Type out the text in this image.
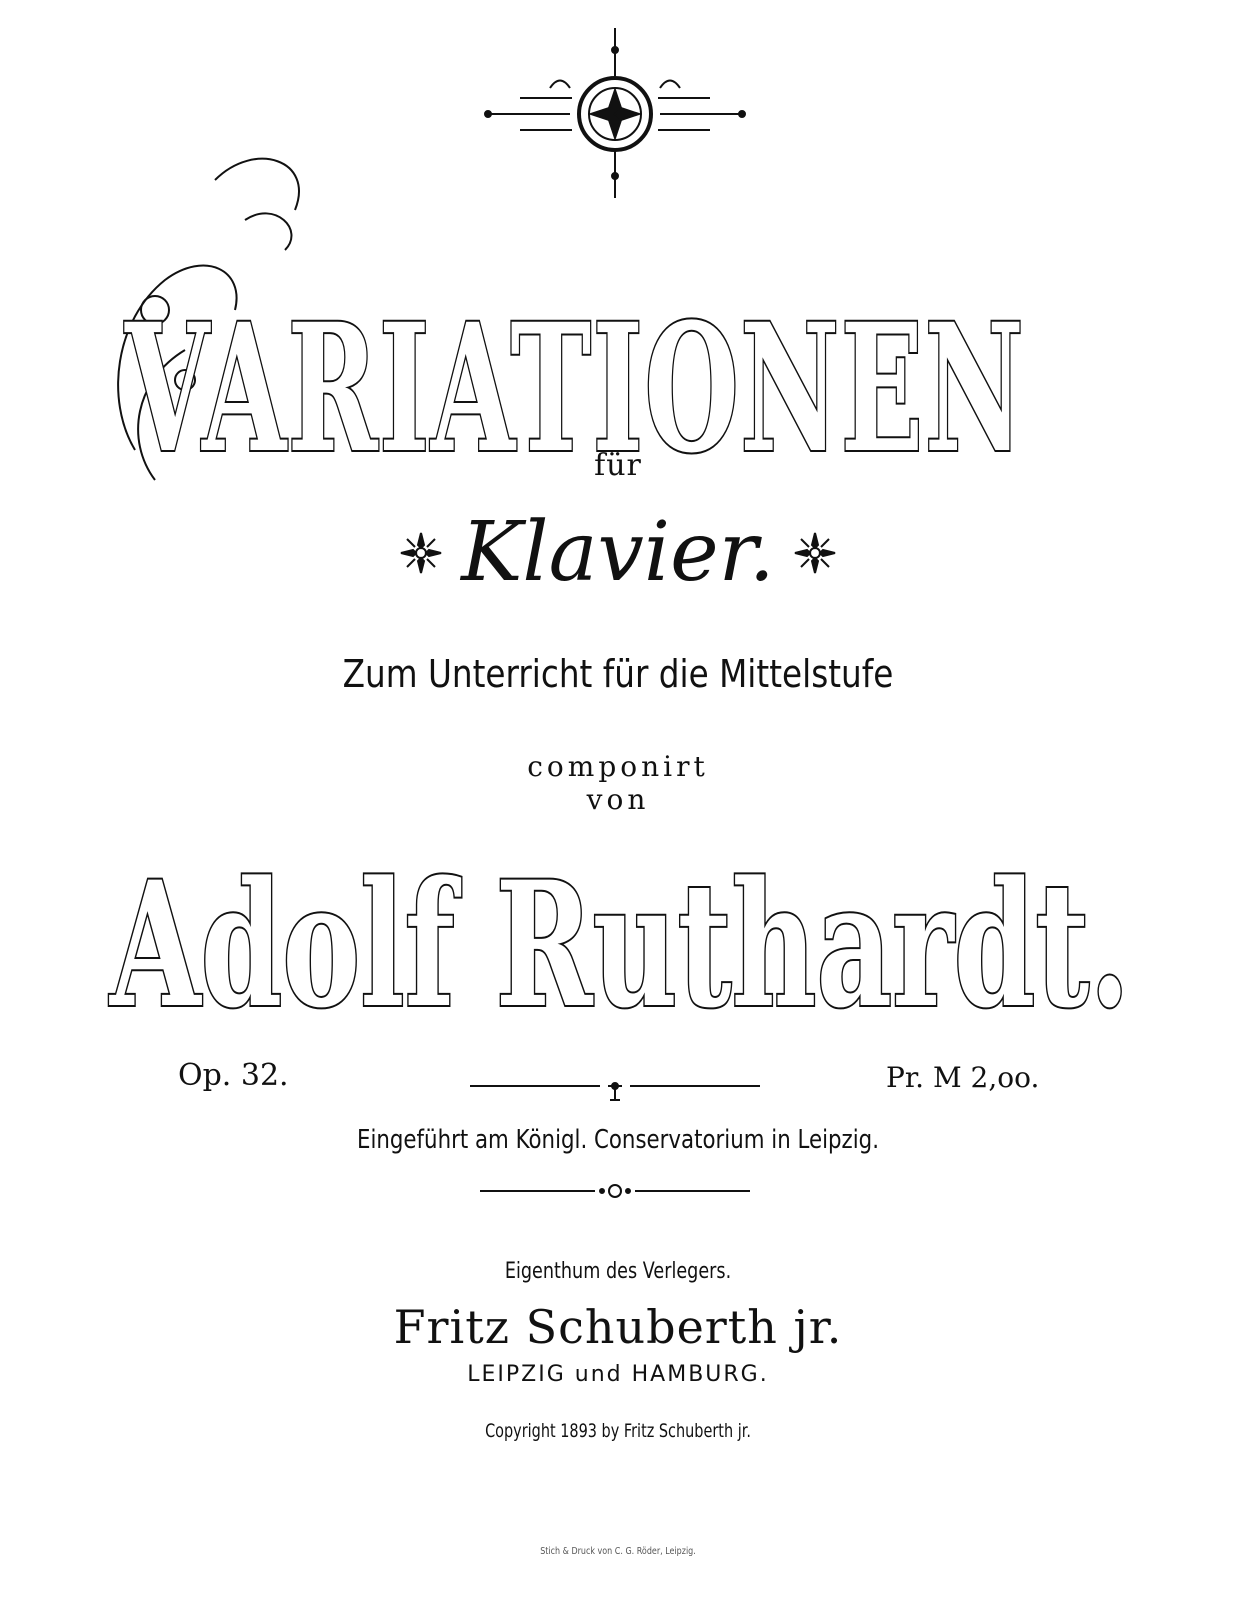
VARIATIONEN
für
Klavier.
Zum Unterricht für die Mittelstufe
componirt
von
Adolf Ruthardt.
Op. 32.	Pr. M 2,oo.
Eingeführt am Königl. Conservatorium in Leipzig.
Eigenthum des Verlegers.
Fritz Schuberth jr.
LEIPZIG und HAMBURG.
Copyright 1893 by Fritz Schuberth jr.
Stich & Druck von C. G. Röder, Leipzig.
